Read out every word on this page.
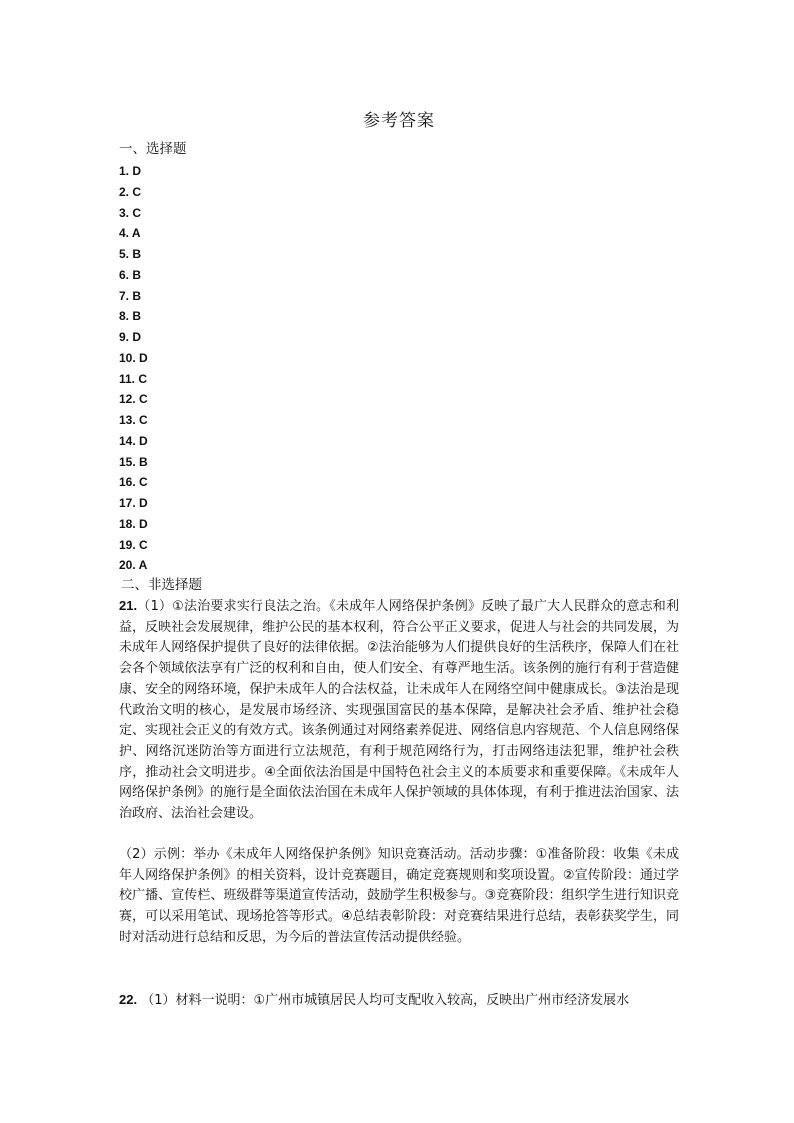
参考答案
一、选择题
1. D
2. C
3. C
4. A
5. B
6. B
7. B
8. B
9. D
10. D
11. C
12. C
13. C
14. D
15. B
16. C
17. D
18. D
19. C
20. A
二、非选择题

21.（1）①法治要求实行良法之治。《未成年人网络保护条例》反映了最广大人民群众的意志和利益，反映社会发展规律，维护公民的基本权利，符合公平正义要求，促进人与社会的共同发展，为未成年人网络保护提供了良好的法律依据。②法治能够为人们提供良好的生活秩序，保障人们在社会各个领域依法享有广泛的权利和自由，使人们安全、有尊严地生活。该条例的施行有利于营造健康、安全的网络环境，保护未成年人的合法权益，让未成年人在网络空间中健康成长。③法治是现代政治文明的核心，是发展市场经济、实现强国富民的基本保障，是解决社会矛盾、维护社会稳定、实现社会正义的有效方式。该条例通过对网络素养促进、网络信息内容规范、个人信息网络保护、网络沉迷防治等方面进行立法规范，有利于规范网络行为，打击网络违法犯罪，维护社会秩序，推动社会文明进步。④全面依法治国是中国特色社会主义的本质要求和重要保障。《未成年人网络保护条例》的施行是全面依法治国在未成年人保护领域的具体体现，有利于推进法治国家、法治政府、法治社会建设。

（2）示例：举办《未成年人网络保护条例》知识竞赛活动。活动步骤：①准备阶段：收集《未成年人网络保护条例》的相关资料，设计竞赛题目，确定竞赛规则和奖项设置。②宣传阶段：通过学校广播、宣传栏、班级群等渠道宣传活动，鼓励学生积极参与。③竞赛阶段：组织学生进行知识竞赛，可以采用笔试、现场抢答等形式。④总结表彰阶段：对竞赛结果进行总结，表彰获奖学生，同时对活动进行总结和反思，为今后的普法宣传活动提供经验。

22. （1）材料一说明：①广州市城镇居民人均可支配收入较高，反映出广州市经济发展水
